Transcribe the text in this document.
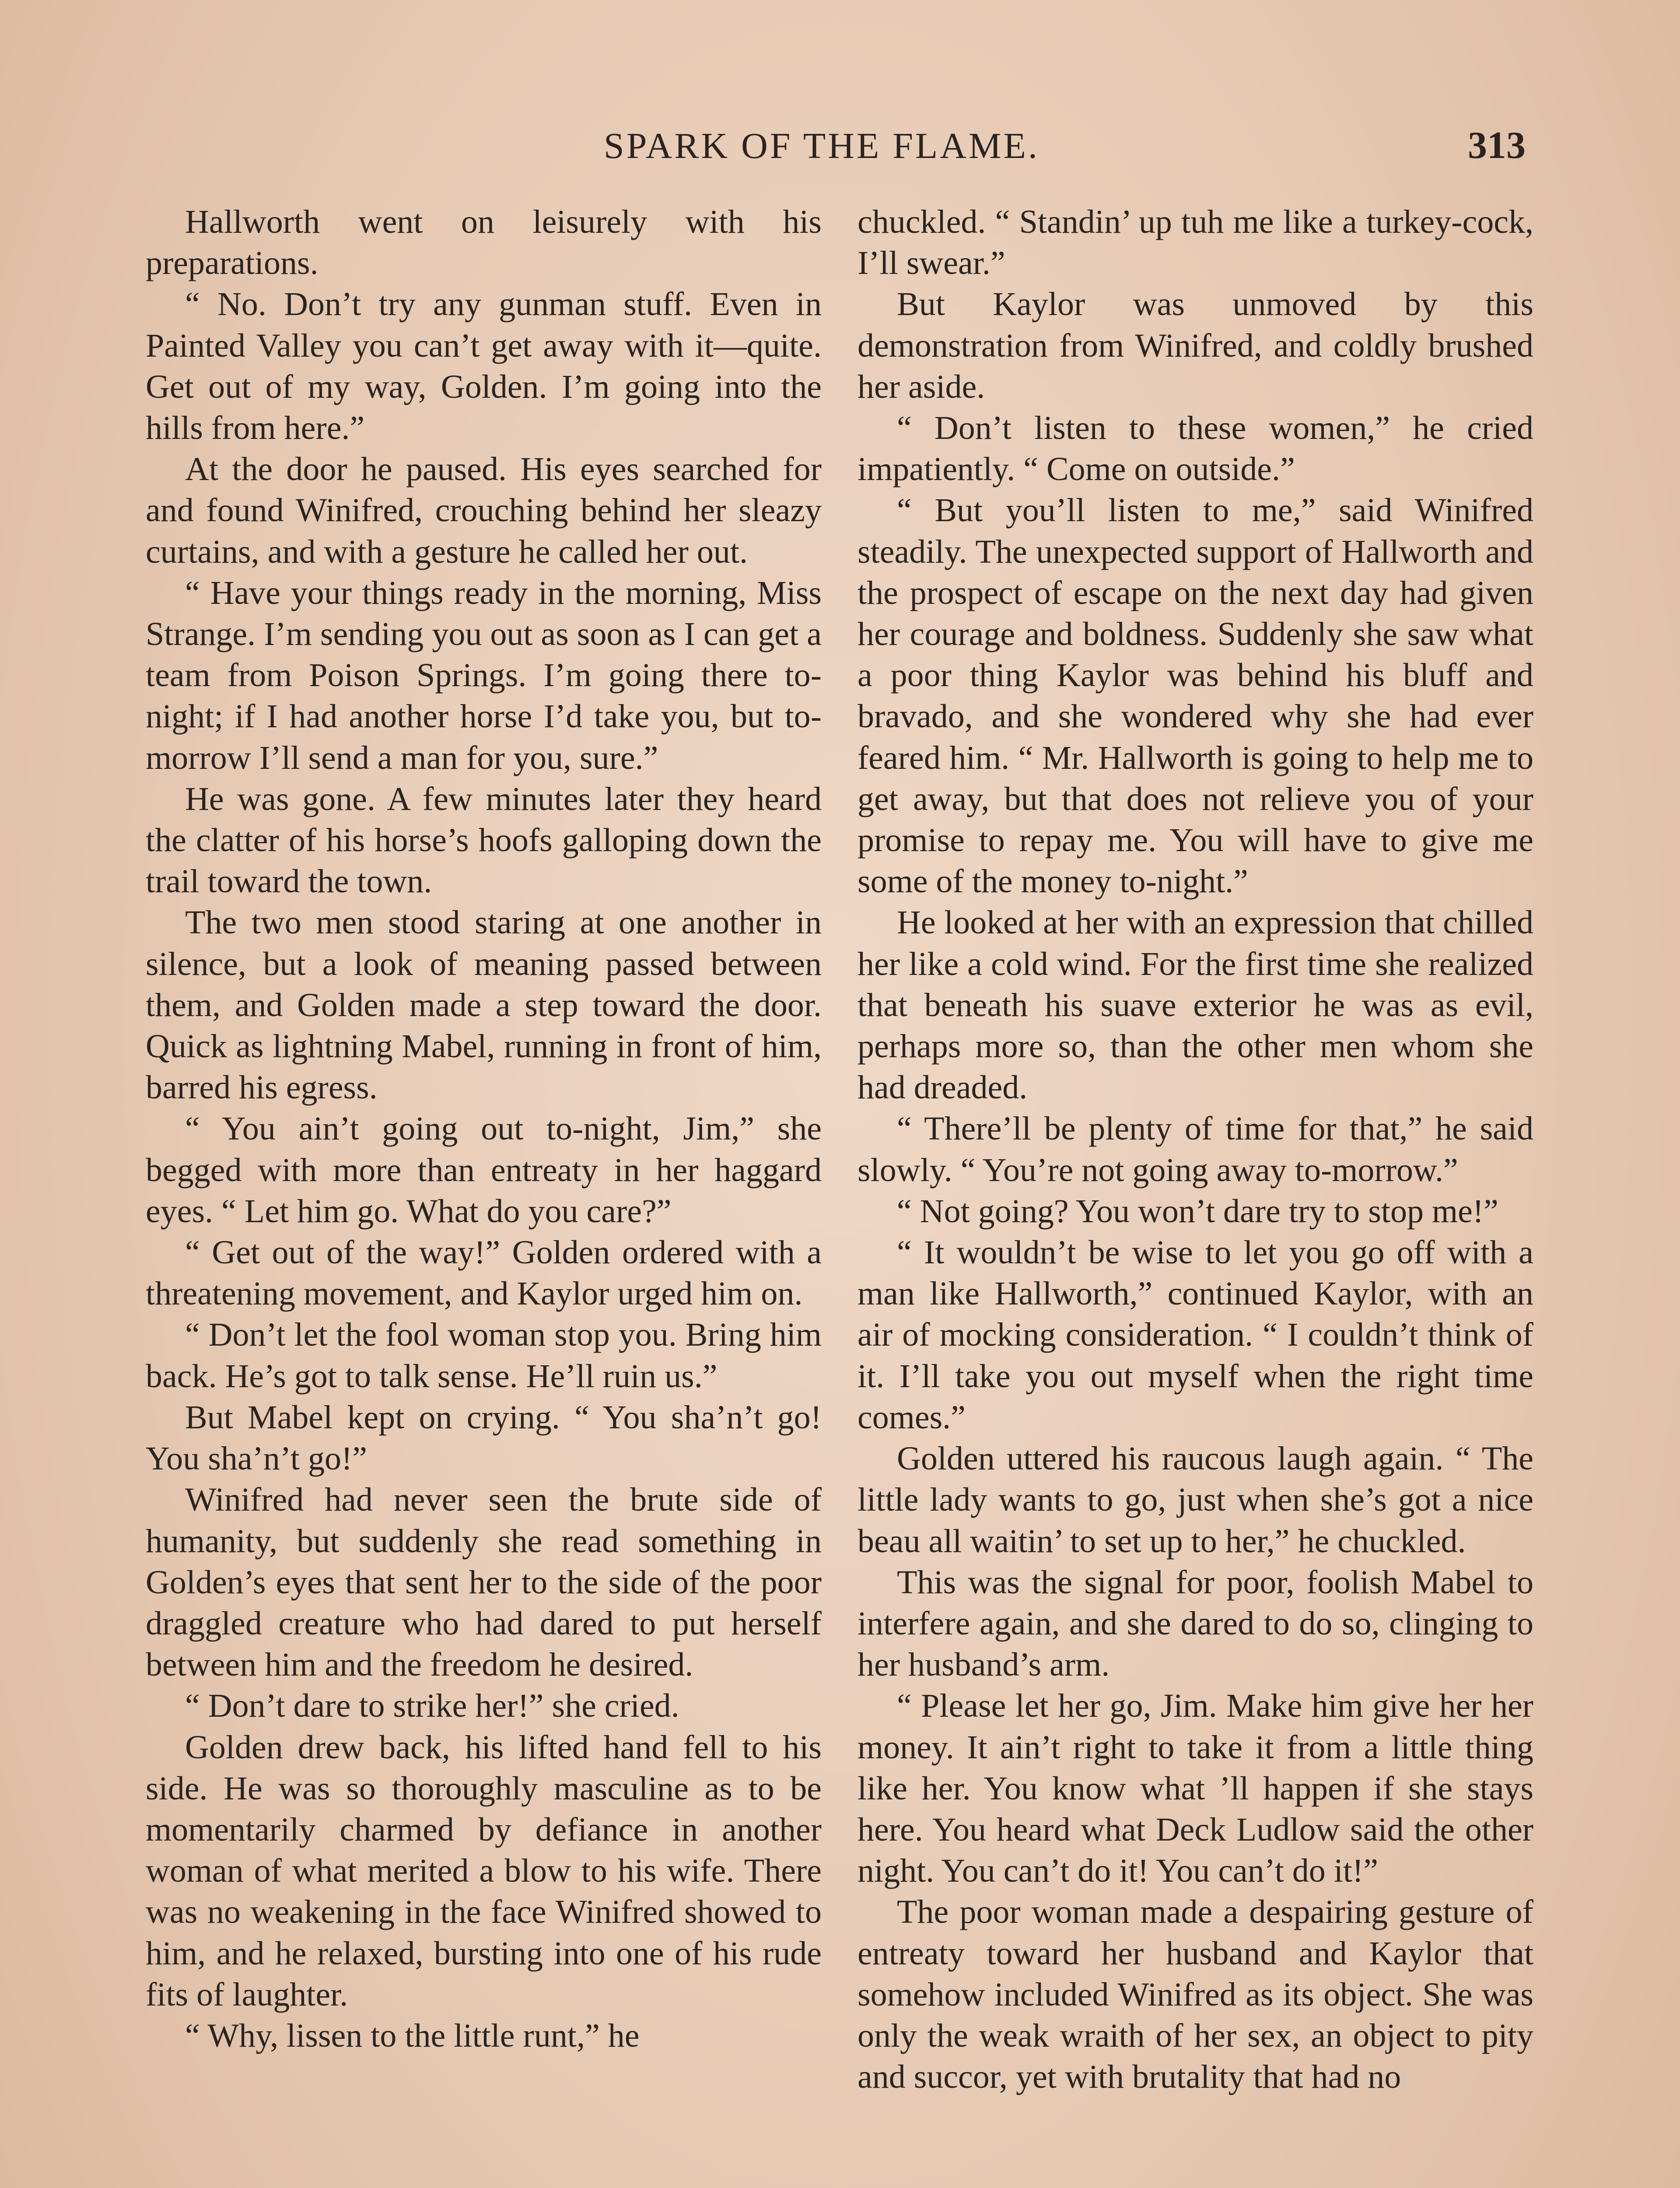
SPARK OF THE FLAME.	313

Hallworth went on leisurely with his preparations.

“ No. Don’t try any gunman stuff. Even in Painted Valley you can’t get away with it—quite. Get out of my way, Golden. I’m going into the hills from here.”

At the door he paused. His eyes searched for and found Winifred, crouching behind her sleazy curtains, and with a gesture he called her out.

“ Have your things ready in the morning, Miss Strange. I’m sending you out as soon as I can get a team from Poison Springs. I’m going there to-night; if I had another horse I’d take you, but to-morrow I’ll send a man for you, sure.”

He was gone. A few minutes later they heard the clatter of his horse’s hoofs galloping down the trail toward the town.

The two men stood staring at one another in silence, but a look of meaning passed between them, and Golden made a step toward the door. Quick as lightning Mabel, running in front of him, barred his egress.

“ You ain’t going out to-night, Jim,” she begged with more than entreaty in her haggard eyes. “ Let him go. What do you care?”

“ Get out of the way!” Golden ordered with a threatening movement, and Kaylor urged him on.

“ Don’t let the fool woman stop you. Bring him back. He’s got to talk sense. He’ll ruin us.”

But Mabel kept on crying. “ You sha’n’t go! You sha’n’t go!”

Winifred had never seen the brute side of humanity, but suddenly she read something in Golden’s eyes that sent her to the side of the poor draggled creature who had dared to put herself between him and the freedom he desired.

“ Don’t dare to strike her!” she cried.

Golden drew back, his lifted hand fell to his side. He was so thoroughly masculine as to be momentarily charmed by defiance in another woman of what merited a blow to his wife. There was no weakening in the face Winifred showed to him, and he relaxed, bursting into one of his rude fits of laughter.

“ Why, lissen to the little runt,” he

chuckled. “ Standin’ up tuh me like a turkey-cock, I’ll swear.”

But Kaylor was unmoved by this demonstration from Winifred, and coldly brushed her aside.

“ Don’t listen to these women,” he cried impatiently. “ Come on outside.”

“ But you’ll listen to me,” said Winifred steadily. The unexpected support of Hallworth and the prospect of escape on the next day had given her courage and boldness. Suddenly she saw what a poor thing Kaylor was behind his bluff and bravado, and she wondered why she had ever feared him. “ Mr. Hallworth is going to help me to get away, but that does not relieve you of your promise to repay me. You will have to give me some of the money to-night.”

He looked at her with an expression that chilled her like a cold wind. For the first time she realized that beneath his suave exterior he was as evil, perhaps more so, than the other men whom she had dreaded.

“ There’ll be plenty of time for that,” he said slowly. “ You’re not going away to-morrow.”

“ Not going? You won’t dare try to stop me!”

“ It wouldn’t be wise to let you go off with a man like Hallworth,” continued Kaylor, with an air of mocking consideration. “ I couldn’t think of it. I’ll take you out myself when the right time comes.”

Golden uttered his raucous laugh again. “ The little lady wants to go, just when she’s got a nice beau all waitin’ to set up to her,” he chuckled.

This was the signal for poor, foolish Mabel to interfere again, and she dared to do so, clinging to her husband’s arm.

“ Please let her go, Jim. Make him give her her money. It ain’t right to take it from a little thing like her. You know what ’ll happen if she stays here. You heard what Deck Ludlow said the other night. You can’t do it! You can’t do it!”

The poor woman made a despairing gesture of entreaty toward her husband and Kaylor that somehow included Winifred as its object. She was only the weak wraith of her sex, an object to pity and succor, yet with brutality that had no
